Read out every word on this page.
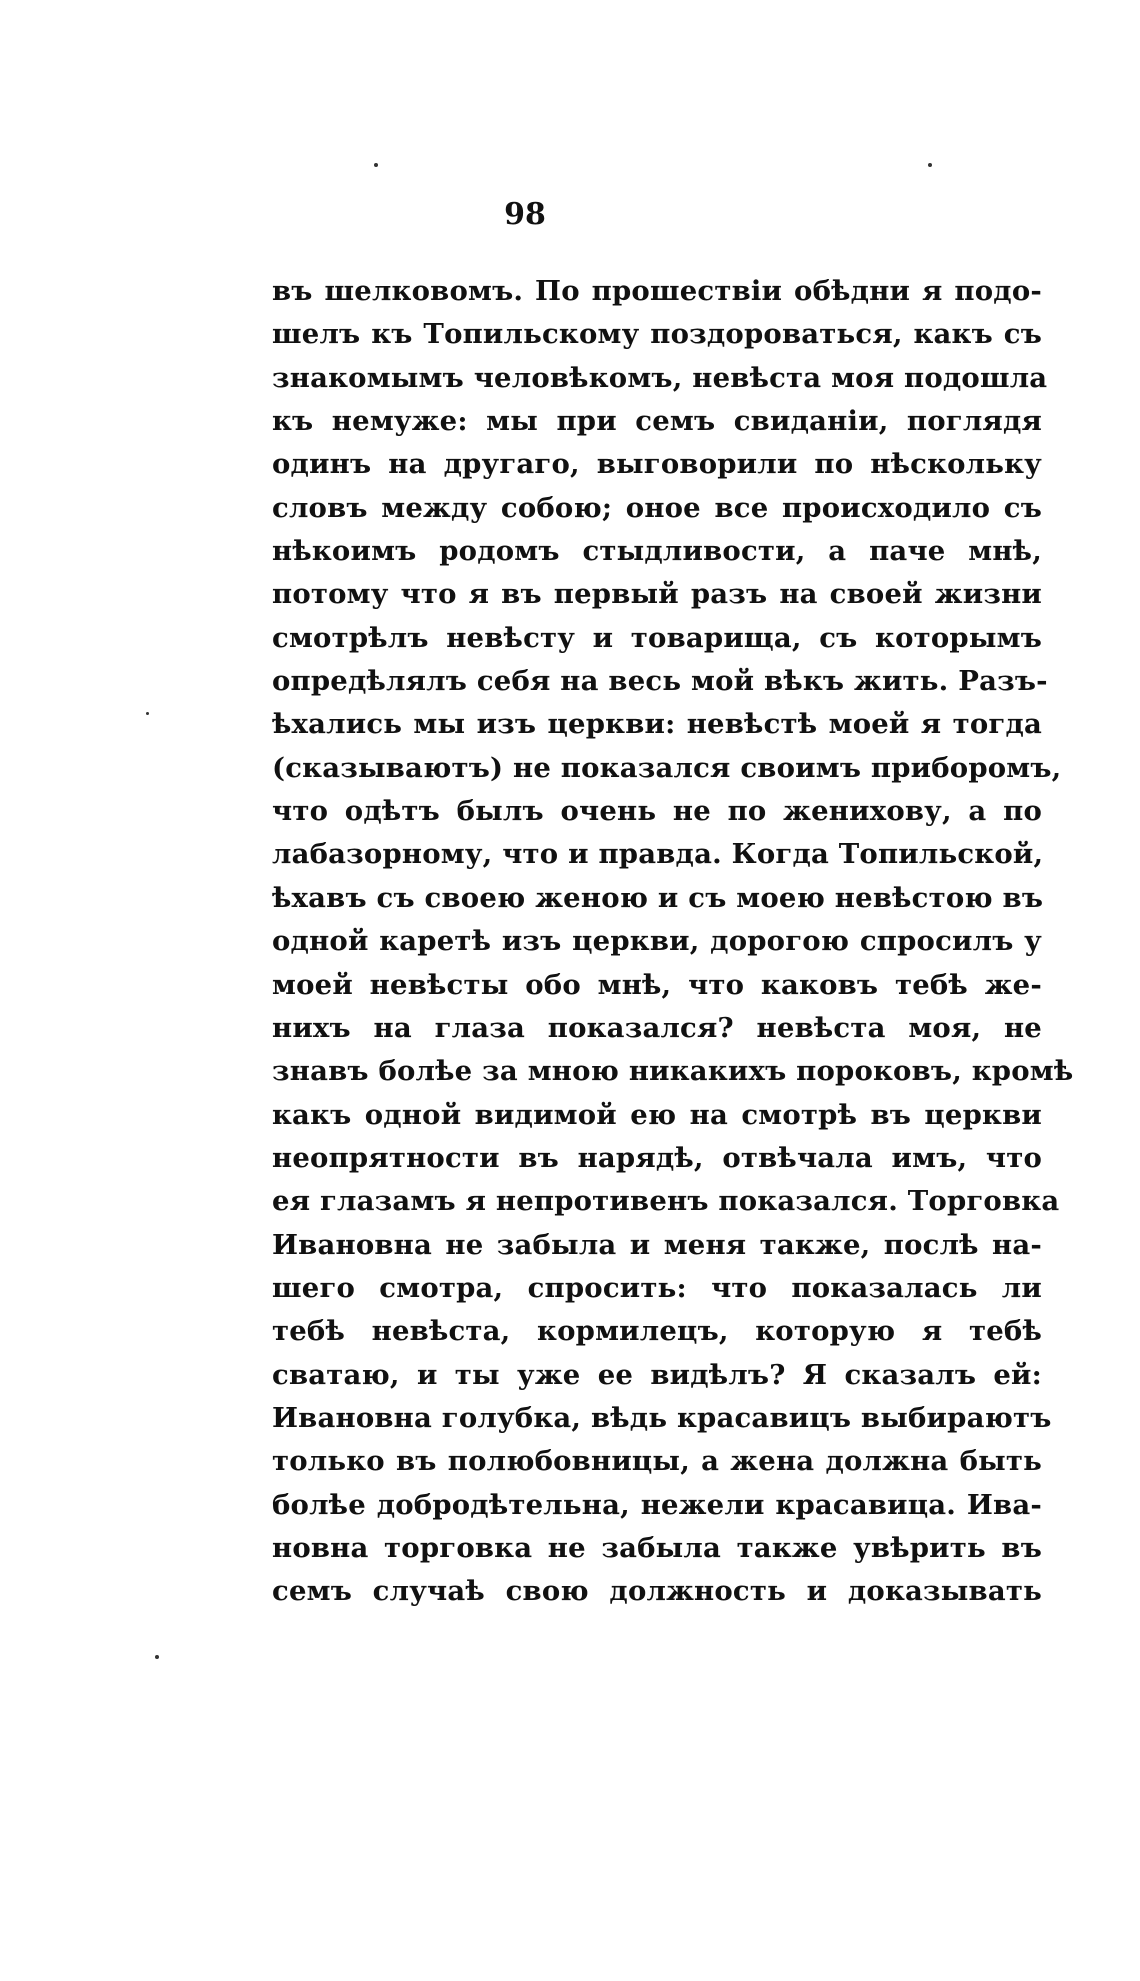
98
въ шелковомъ. По прошествіи обѣдни я подо-
шелъ къ Топильскому поздороваться, какъ съ
знакомымъ человѣкомъ, невѣста моя подошла
къ немуже: мы при семъ свиданіи, поглядя
одинъ на другаго, выговорили по нѣскольку
словъ между собою; оное все происходило съ
нѣкоимъ родомъ стыдливости, а паче мнѣ,
потому что я въ первый разъ на своей жизни
смотрѣлъ невѣсту и товарища, съ которымъ
опредѣлялъ себя на весь мой вѣкъ жить. Разъ-
ѣхались мы изъ церкви: невѣстѣ моей я тогда
(сказываютъ) не показался своимъ приборомъ,
что одѣтъ былъ очень не по женихову, а по
лабазорному, что и правда. Когда Топильской,
ѣхавъ съ своею женою и съ моею невѣстою въ
одной каретѣ изъ церкви, дорогою спросилъ у
моей невѣсты обо мнѣ, что каковъ тебѣ же-
нихъ на глаза показался? невѣста моя, не
знавъ болѣе за мною никакихъ пороковъ, кромѣ
какъ одной видимой ею на смотрѣ въ церкви
неопрятности въ нарядѣ, отвѣчала имъ, что
ея глазамъ я непротивенъ показался. Торговка
Ивановна не забыла и меня также, послѣ на-
шего смотра, спросить: что показалась ли
тебѣ невѣста, кормилецъ, которую я тебѣ
сватаю, и ты уже ее видѣлъ? Я сказалъ ей:
Ивановна голубка, вѣдь красавицъ выбираютъ
только въ полюбовницы, а жена должна быть
болѣе добродѣтельна, нежели красавица. Ива-
новна торговка не забыла также увѣрить въ
семъ случаѣ свою должность и доказывать
